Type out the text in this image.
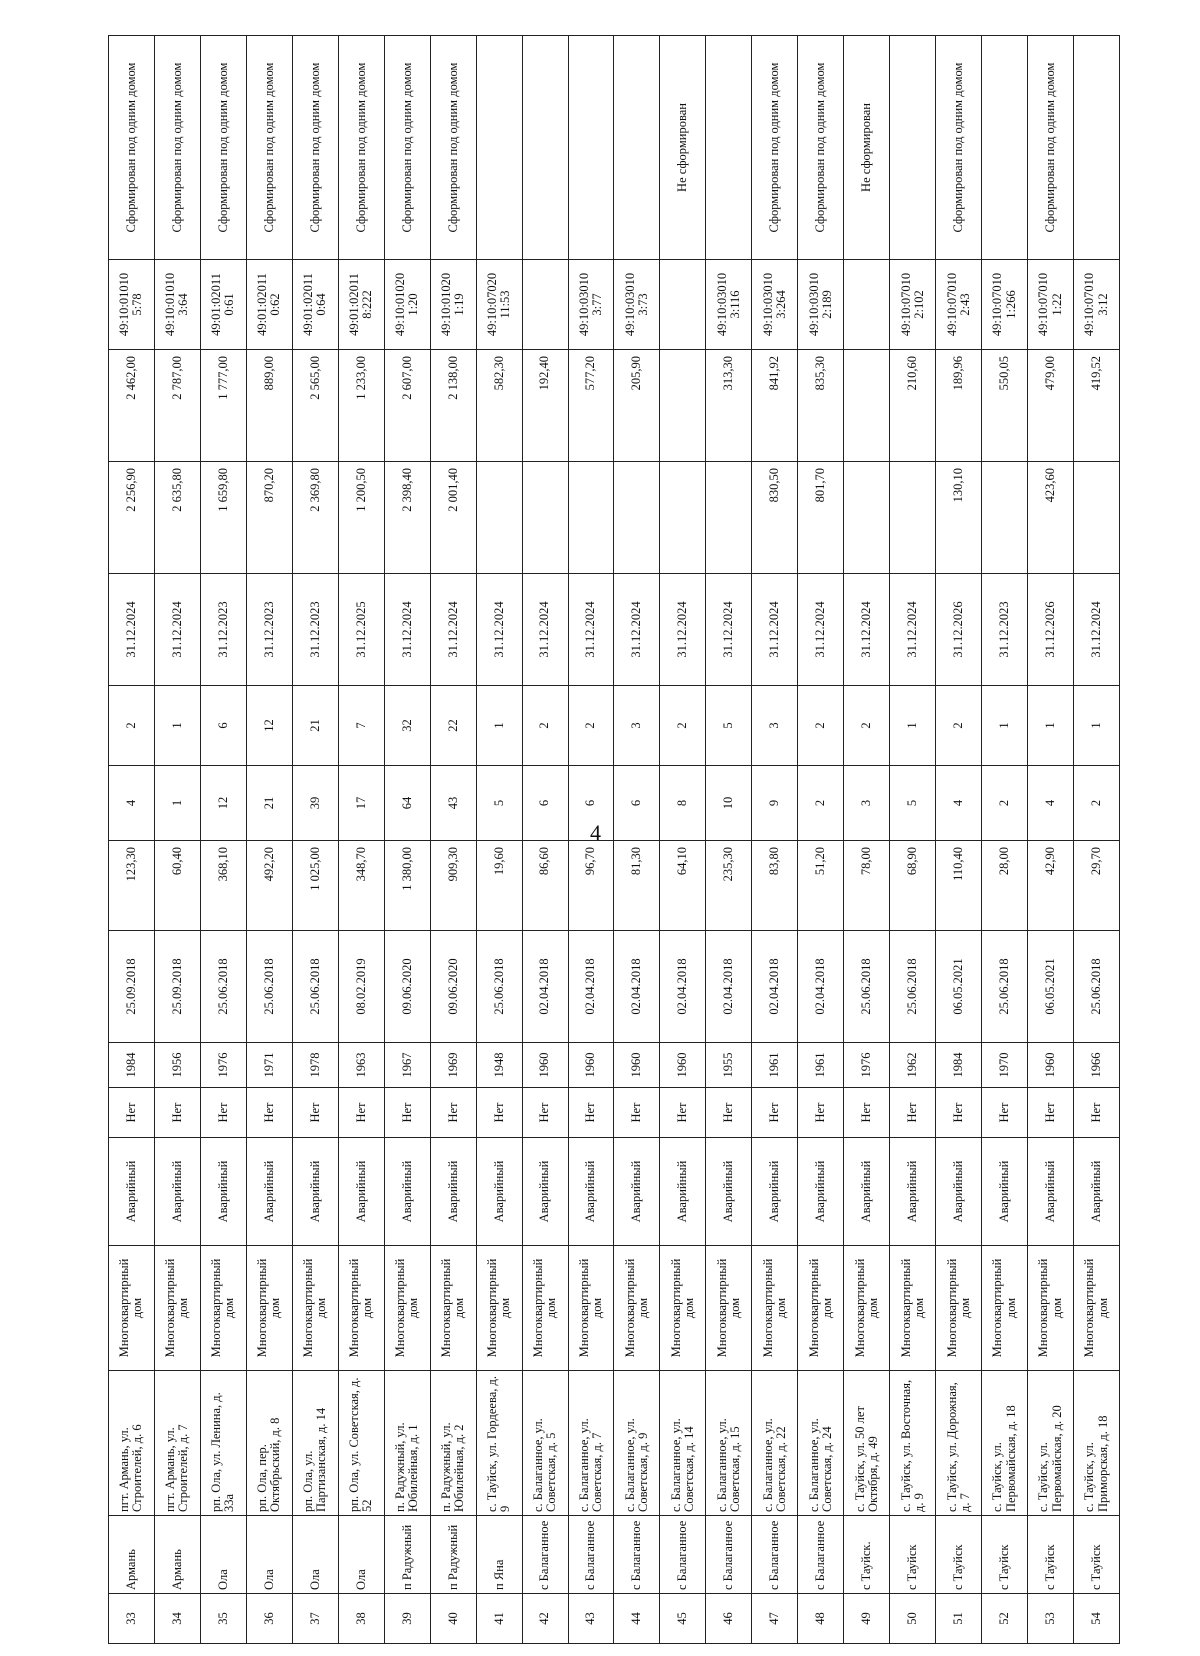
4
33	Армань	пгт. Армань, ул. Строителей, д. 6	Многоквартирный дом	Аварийный	Нет	1984	25.09.2018	123,30	4	2	31.12.2024	2 256,90	2 462,00	49:10:01010 5:78	Сформирован под одним домом
34	Армань	пгт. Армань, ул. Строителей, д. 7	Многоквартирный дом	Аварийный	Нет	1956	25.09.2018	60,40	1	1	31.12.2024	2 635,80	2 787,00	49:10:01010 3:64	Сформирован под одним домом
35	Ола	рп. Ола, ул. Ленина, д. 33а	Многоквартирный дом	Аварийный	Нет	1976	25.06.2018	368,10	12	6	31.12.2023	1 659,80	1 777,00	49:01:02011 0:61	Сформирован под одним домом
36	Ола	рп. Ола, пер. Октябрьский, д. 8	Многоквартирный дом	Аварийный	Нет	1971	25.06.2018	492,20	21	12	31.12.2023	870,20	889,00	49:01:02011 0:62	Сформирован под одним домом
37	Ола	рп. Ола, ул. Партизанская, д. 14	Многоквартирный дом	Аварийный	Нет	1978	25.06.2018	1 025,00	39	21	31.12.2023	2 369,80	2 565,00	49:01:02011 0:64	Сформирован под одним домом
38	Ола	рп. Ола, ул. Советская, д. 52	Многоквартирный дом	Аварийный	Нет	1963	08.02.2019	348,70	17	7	31.12.2025	1 200,50	1 233,00	49:01:02011 8:222	Сформирован под одним домом
39	п Радужный	п. Радужный, ул. Юбилейная, д. 1	Многоквартирный дом	Аварийный	Нет	1967	09.06.2020	1 380,00	64	32	31.12.2024	2 398,40	2 607,00	49:10:01020 1:20	Сформирован под одним домом
40	п Радужный	п. Радужный, ул. Юбилейная, д. 2	Многоквартирный дом	Аварийный	Нет	1969	09.06.2020	909,30	43	22	31.12.2024	2 001,40	2 138,00	49:10:01020 1:19	Сформирован под одним домом
41	п Яна	с. Тауйск, ул. Гордеева, д. 9	Многоквартирный дом	Аварийный	Нет	1948	25.06.2018	19,60	5	1	31.12.2024		582,30	49:10:07020 11:53	
42	с Балаганное	с. Балаганное, ул. Советская, д. 5	Многоквартирный дом	Аварийный	Нет	1960	02.04.2018	86,60	6	2	31.12.2024		192,40		
43	с Балаганное	с. Балаганное, ул. Советская, д. 7	Многоквартирный дом	Аварийный	Нет	1960	02.04.2018	96,70	6	2	31.12.2024		577,20	49:10:03010 3:77	
44	с Балаганное	с. Балаганное, ул. Советская, д. 9	Многоквартирный дом	Аварийный	Нет	1960	02.04.2018	81,30	6	3	31.12.2024		205,90	49:10:03010 3:73	
45	с Балаганное	с. Балаганное, ул. Советская, д. 14	Многоквартирный дом	Аварийный	Нет	1960	02.04.2018	64,10	8	2	31.12.2024				Не сформирован
46	с Балаганное	с. Балаганное, ул. Советская, д. 15	Многоквартирный дом	Аварийный	Нет	1955	02.04.2018	235,30	10	5	31.12.2024		313,30	49:10:03010 3:116	
47	с Балаганное	с. Балаганное, ул. Советская, д. 22	Многоквартирный дом	Аварийный	Нет	1961	02.04.2018	83,80	9	3	31.12.2024	830,50	841,92	49:10:03010 3:264	Сформирован под одним домом
48	с Балаганное	с. Балаганное, ул. Советская, д. 24	Многоквартирный дом	Аварийный	Нет	1961	02.04.2018	51,20	2	2	31.12.2024	801,70	835,30	49:10:03010 2:189	Сформирован под одним домом
49	с Тауйск.	с. Тауйск, ул. 50 лет Октября, д. 49	Многоквартирный дом	Аварийный	Нет	1976	25.06.2018	78,00	3	2	31.12.2024				Не сформирован
50	с Тауйск	с. Тауйск, ул. Восточная, д. 9	Многоквартирный дом	Аварийный	Нет	1962	25.06.2018	68,90	5	1	31.12.2024		210,60	49:10:07010 2:102	
51	с Тауйск	с. Тауйск, ул. Дорожная, д. 7	Многоквартирный дом	Аварийный	Нет	1984	06.05.2021	110,40	4	2	31.12.2026	130,10	189,96	49:10:07010 2:43	Сформирован под одним домом
52	с Тауйск	с. Тауйск, ул. Первомайская, д. 18	Многоквартирный дом	Аварийный	Нет	1970	25.06.2018	28,00	2	1	31.12.2023		550,05	49:10:07010 1:266	
53	с Тауйск	с. Тауйск, ул. Первомайская, д. 20	Многоквартирный дом	Аварийный	Нет	1960	06.05.2021	42,90	4	1	31.12.2026	423,60	479,00	49:10:07010 1:22	Сформирован под одним домом
54	с Тауйск	с. Тауйск, ул. Приморская, д. 18	Многоквартирный дом	Аварийный	Нет	1966	25.06.2018	29,70	2	1	31.12.2024		419,52	49:10:07010 3:12	
